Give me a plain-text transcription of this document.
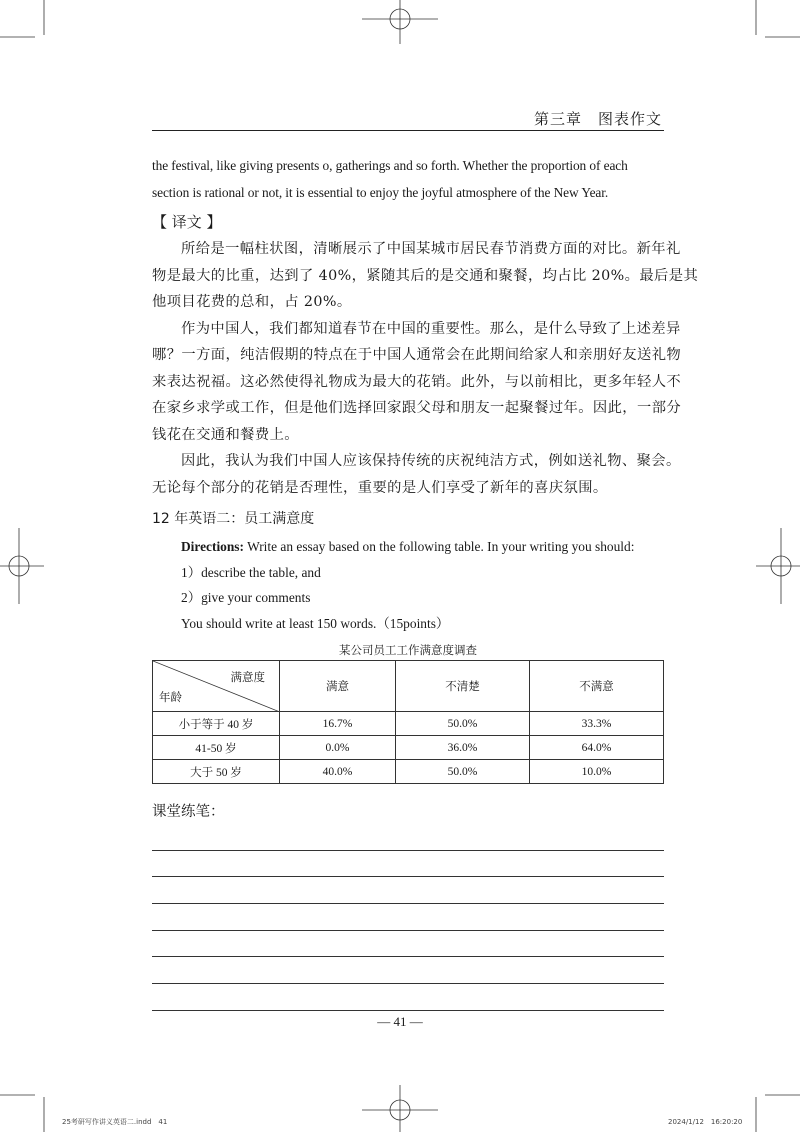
第三章　图表作文
the festival, like giving presents o, gatherings and so forth. Whether the proportion of each
section is rational or not, it is essential to enjoy the joyful atmosphere of the New Year.
【 译文 】
所给是一幅柱状图，清晰展示了中国某城市居民春节消费方面的对比。新年礼
物是最大的比重，达到了 40%，紧随其后的是交通和聚餐，均占比 20%。最后是其
他项目花费的总和，占 20%。
作为中国人，我们都知道春节在中国的重要性。那么，是什么导致了上述差异
哪？一方面，纯洁假期的特点在于中国人通常会在此期间给家人和亲朋好友送礼物
来表达祝福。这必然使得礼物成为最大的花销。此外，与以前相比，更多年轻人不
在家乡求学或工作，但是他们选择回家跟父母和朋友一起聚餐过年。因此，一部分
钱花在交通和餐费上。
因此，我认为我们中国人应该保持传统的庆祝纯洁方式，例如送礼物、聚会。
无论每个部分的花销是否理性，重要的是人们享受了新年的喜庆氛围。
12 年英语二：员工满意度
Directions: Write an essay based on the following table. In your writing you should:
1）describe the table, and
2）give your comments
You should write at least 150 words.（15points）
某公司员工工作满意度调查
满意度
年龄	满意	不清楚	不满意
小于等于 40 岁	16.7%	50.0%	33.3%
41-50 岁	0.0%	36.0%	64.0%
大于 50 岁	40.0%	50.0%	10.0%
课堂练笔：
— 41 —
25考研写作讲义英语二.indd　41	2024/1/12　16:20:20
